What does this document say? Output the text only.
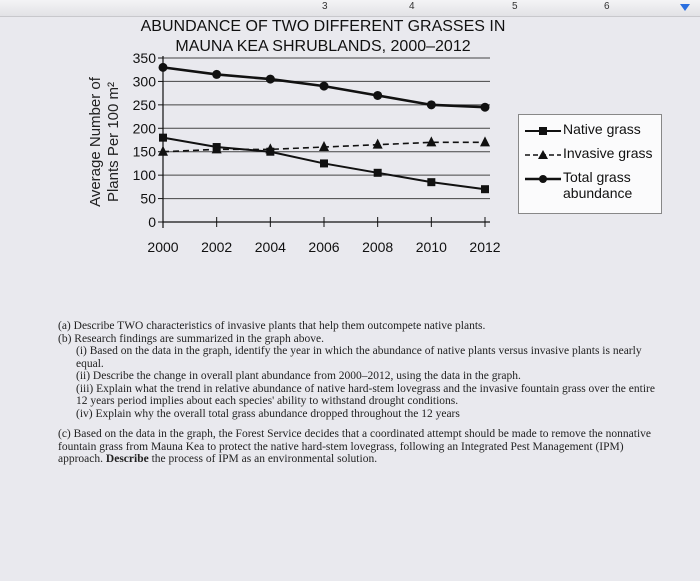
3	4	5	6
ABUNDANCE OF TWO DIFFERENT GRASSES IN
MAUNA KEA SHRUBLANDS, 2000–2012
Average Number of Plants Per 100 m²
0
50
100
150
200
250
300
350
2000 2002 2004 2006 2008 2010 2012
Native grass
Invasive grass
Total grass
abundance

(a) Describe TWO characteristics of invasive plants that help them outcompete native plants.

(b) Research findings are summarized in the graph above.

(i) Based on the data in the graph, identify the year in which the abundance of native plants versus invasive plants is nearly equal.

(ii) Describe the change in overall plant abundance from 2000–2012, using the data in the graph.

(iii) Explain what the trend in relative abundance of native hard-stem lovegrass and the invasive fountain grass over the entire 12 years period implies about each species' ability to withstand drought conditions.

(iv) Explain why the overall total grass abundance dropped throughout the 12 years

(c) Based on the data in the graph, the Forest Service decides that a coordinated attempt should be made to remove the nonnative fountain grass from Mauna Kea to protect the native hard-stem lovegrass, following an Integrated Pest Management (IPM) approach. Describe the process of IPM as an environmental solution.
